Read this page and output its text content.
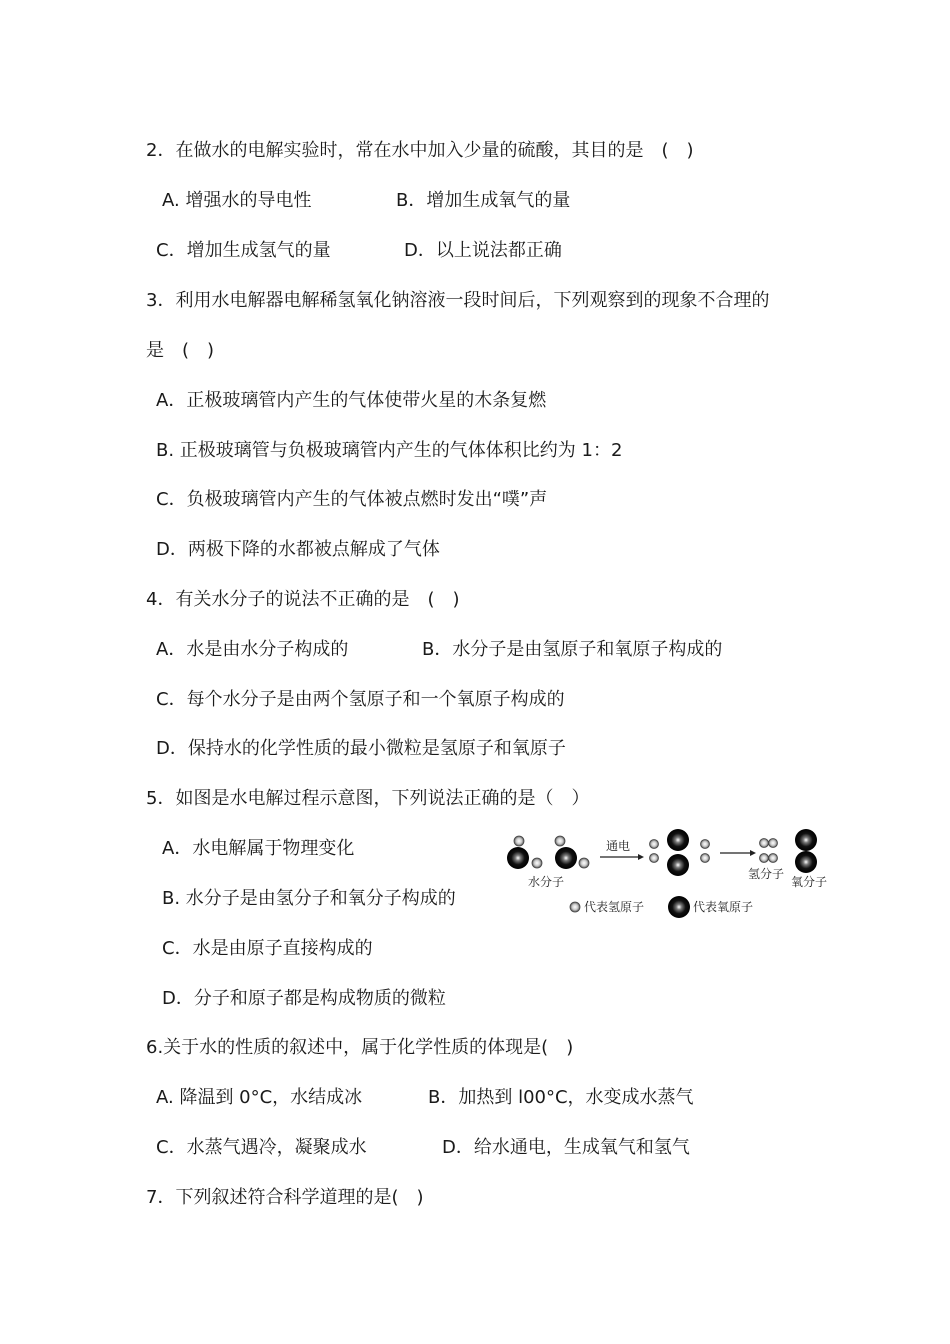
2．在做水的电解实验时，常在水中加入少量的硫酸，其目的是　(　)
A. 增强水的导电性	B．增加生成氧气的量
C．增加生成氢气的量	D．以上说法都正确
3．利用水电解器电解稀氢氧化钠溶液一段时间后，下列观察到的现象不合理的
是　(　)
A．正极玻璃管内产生的气体使带火星的木条复燃
B. 正极玻璃管与负极玻璃管内产生的气体体积比约为 1：2
C．负极玻璃管内产生的气体被点燃时发出“噗”声
D．两极下降的水都被点解成了气体
4．有关水分子的说法不正确的是　(　)
A．水是由水分子构成的	B．水分子是由氢原子和氧原子构成的
C．每个水分子是由两个氢原子和一个氧原子构成的
D．保持水的化学性质的最小微粒是氢原子和氧原子
5．如图是水电解过程示意图，下列说法正确的是（　）
A．水电解属于物理变化
B. 水分子是由氢分子和氧分子构成的
C．水是由原子直接构成的
D．分子和原子都是构成物质的微粒
水分子
通电
氢分子
氧分子
代表氢原子	代表氧原子
6.关于水的性质的叙述中，属于化学性质的体现是(　)
A. 降温到 0°C，水结成冰	B．加热到 l00°C，水变成水蒸气
C．水蒸气遇冷，凝聚成水	D．给水通电，生成氧气和氢气
7．下列叙述符合科学道理的是(　)
